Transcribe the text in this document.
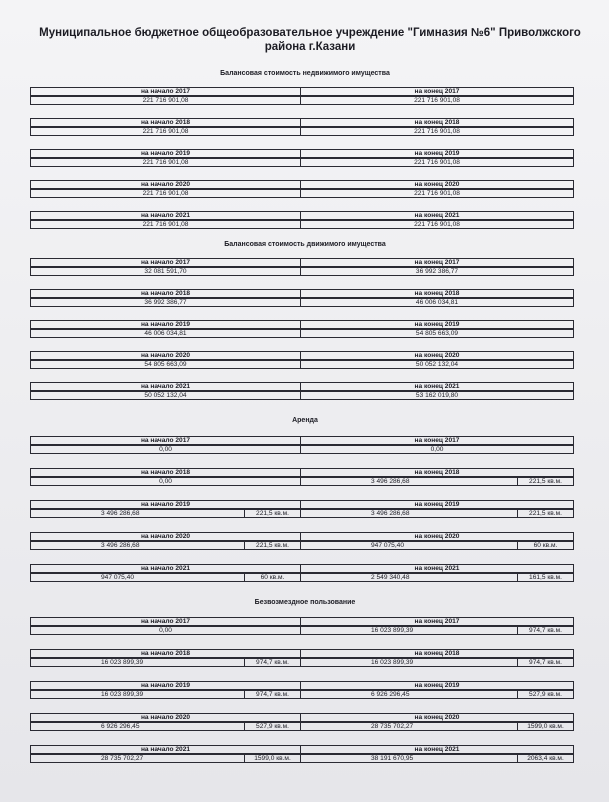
Муниципальное бюджетное общеобразовательное учреждение "Гимназия №6" Приволжского района г.Казани
Балансовая стоимость недвижимого имущества
на начало 2017	на конец 2017
221 716 901,08	221 716 901,08
на начало 2018	на конец 2018
221 716 901,08	221 716 901,08
на начало 2019	на конец 2019
221 716 901,08	221 716 901,08
на начало 2020	на конец 2020
221 716 901,08	221 716 901,08
на начало 2021	на конец 2021
221 716 901,08	221 716 901,08
Балансовая стоимость движимого имущества
на начало 2017	на конец 2017
32 081 591,70	36 992 386,77
на начало 2018	на конец 2018
36 992 386,77	46 006 034,81
на начало 2019	на конец 2019
46 006 034,81	54 805 663,09
на начало 2020	на конец 2020
54 805 663,09	50 052 132,04
на начало 2021	на конец 2021
50 052 132,04	53 162 019,80
Аренда
на начало 2017	на конец 2017
0,00	0,00
на начало 2018	на конец 2018
0,00	3 496 286,68	221,5 кв.м.
на начало 2019	на конец 2019
3 496 286,68	221,5 кв.м.	3 496 286,68	221,5 кв.м.
на начало 2020	на конец 2020
3 496 286,68	221,5 кв.м.	947 075,40	60 кв.м.
на начало 2021	на конец 2021
947 075,40	60 кв.м.	2 549 340,48	161,5 кв.м.
Безвозмездное пользование
на начало 2017	на конец 2017
0,00	16 023 899,39	974,7 кв.м.
на начало 2018	на конец 2018
16 023 899,39	974,7 кв.м.	16 023 899,39	974,7 кв.м.
на начало 2019	на конец 2019
16 023 899,39	974,7 кв.м.	6 926 296,45	527,9 кв.м.
на начало 2020	на конец 2020
6 926 296,45	527,9 кв.м.	28 735 702,27	1599,0 кв.м.
на начало 2021	на конец 2021
28 735 702,27	1599,0 кв.м.	38 191 670,95	2063,4 кв.м.
